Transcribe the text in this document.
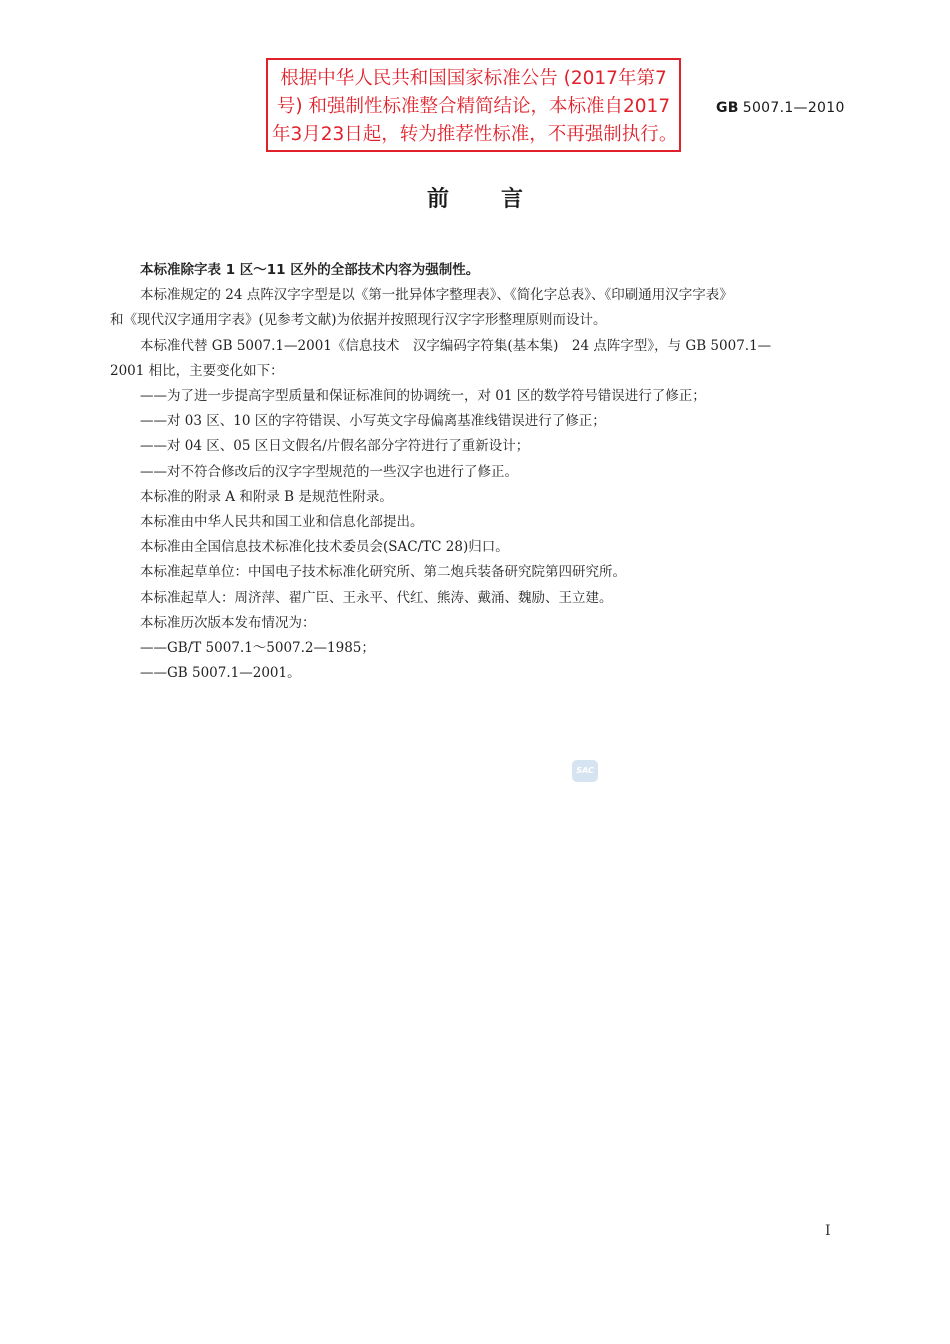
根据中华人民共和国国家标准公告 (2017年第7
号) 和强制性标准整合精简结论，本标准自2017
年3月23日起，转为推荐性标准，不再强制执行。
GB 5007.1—2010
前言

本标准除字表 1 区～11 区外的全部技术内容为强制性。

本标准规定的 24 点阵汉字字型是以《第一批异体字整理表》、《简化字总表》、《印刷通用汉字字表》

和《现代汉字通用字表》(见参考文献)为依据并按照现行汉字字形整理原则而设计。

本标准代替 GB 5007.1—2001《信息技术　汉字编码字符集(基本集)　24 点阵字型》，与 GB 5007.1—

2001 相比，主要变化如下：

——为了进一步提高字型质量和保证标准间的协调统一，对 01 区的数学符号错误进行了修正；

——对 03 区、10 区的字符错误、小写英文字母偏离基准线错误进行了修正；

——对 04 区、05 区日文假名/片假名部分字符进行了重新设计；

——对不符合修改后的汉字字型规范的一些汉字也进行了修正。

本标准的附录 A 和附录 B 是规范性附录。

本标准由中华人民共和国工业和信息化部提出。

本标准由全国信息技术标准化技术委员会(SAC/TC 28)归口。

本标准起草单位：中国电子技术标准化研究所、第二炮兵装备研究院第四研究所。

本标准起草人：周济萍、翟广臣、王永平、代红、熊涛、戴涌、魏励、王立建。

本标准历次版本发布情况为：

——GB/T 5007.1～5007.2—1985；

——GB 5007.1—2001。

SAC
I
